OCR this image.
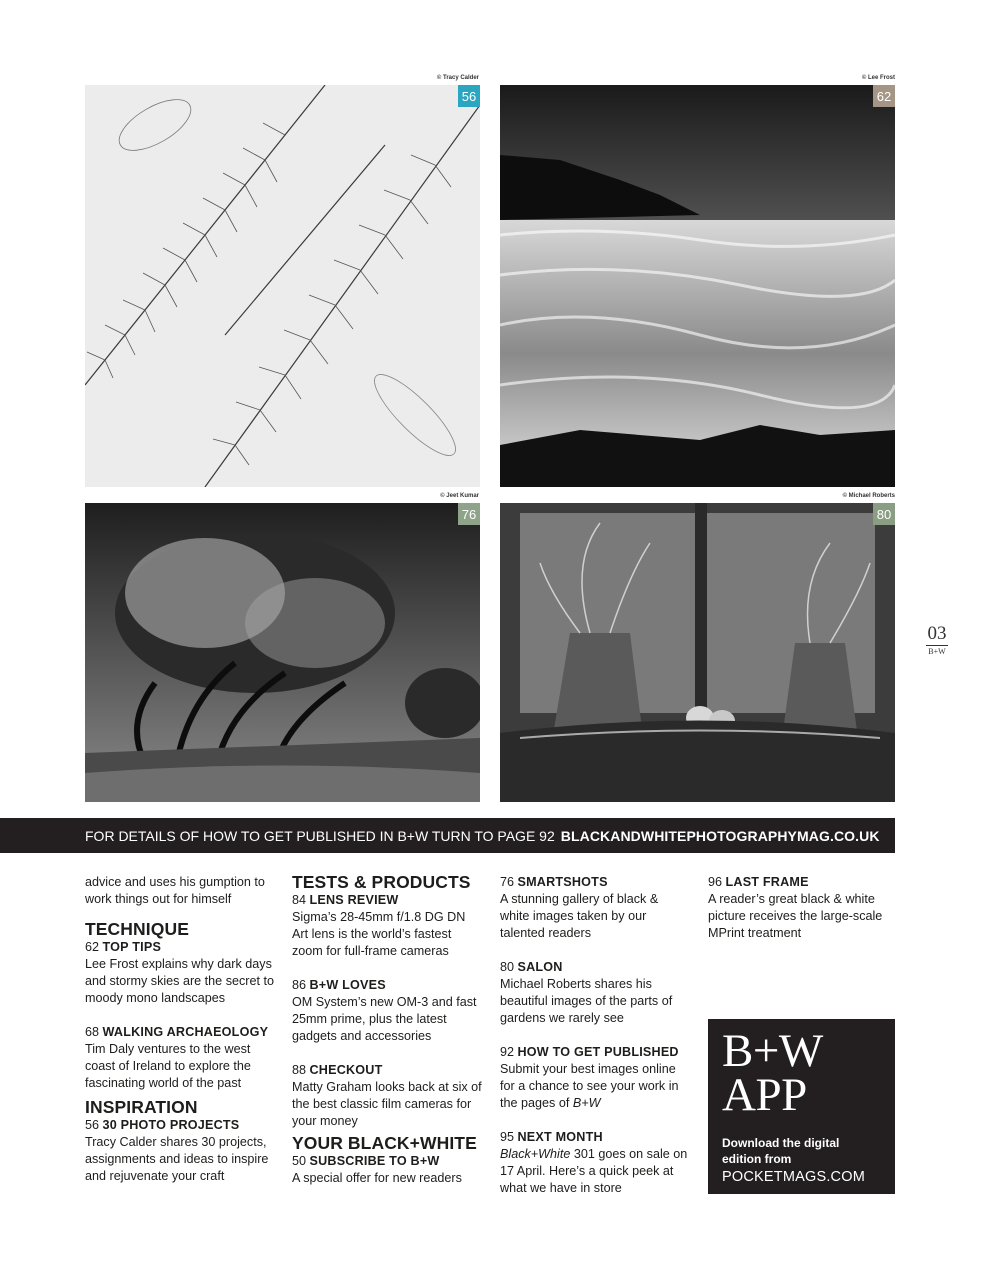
© Tracy Calder
56
© Lee Frost
62
© Jeet Kumar
76
© Michael Roberts
80
03
B+W
FOR DETAILS OF HOW TO GET PUBLISHED IN B+W TURN TO PAGE 92 BLACKANDWHITEPHOTOGRAPHYMAG.CO.UK

advice and uses his gumption to work things out for himself

TECHNIQUE
62 TOP TIPS

Lee Frost explains why dark days and stormy skies are the secret to moody mono landscapes

68 WALKING ARCHAEOLOGY

Tim Daly ventures to the west coast of Ireland to explore the fascinating world of the past

INSPIRATION
56 30 PHOTO PROJECTS

Tracy Calder shares 30 projects, assignments and ideas to inspire and rejuvenate your craft

TESTS & PRODUCTS
84 LENS REVIEW

Sigma’s 28-45mm f/1.8 DG DN Art lens is the world’s fastest zoom for full-frame cameras

86 B+W LOVES

OM System’s new OM-3 and fast 25mm prime, plus the latest gadgets and accessories

88 CHECKOUT

Matty Graham looks back at six of the best classic film cameras for your money

YOUR BLACK+WHITE
50 SUBSCRIBE TO B+W

A special offer for new readers

76 SMARTSHOTS

A stunning gallery of black & white images taken by our talented readers

80 SALON

Michael Roberts shares his beautiful images of the parts of gardens we rarely see

92 HOW TO GET PUBLISHED

Submit your best images online for a chance to see your work in the pages of B+W

95 NEXT MONTH

Black+White 301 goes on sale on 17 April. Here’s a quick peek at what we have in store

96 LAST FRAME

A reader’s great black & white picture receives the large-scale MPrint treatment

B+W
APP
Download the digital edition from
POCKETMAGS.COM
